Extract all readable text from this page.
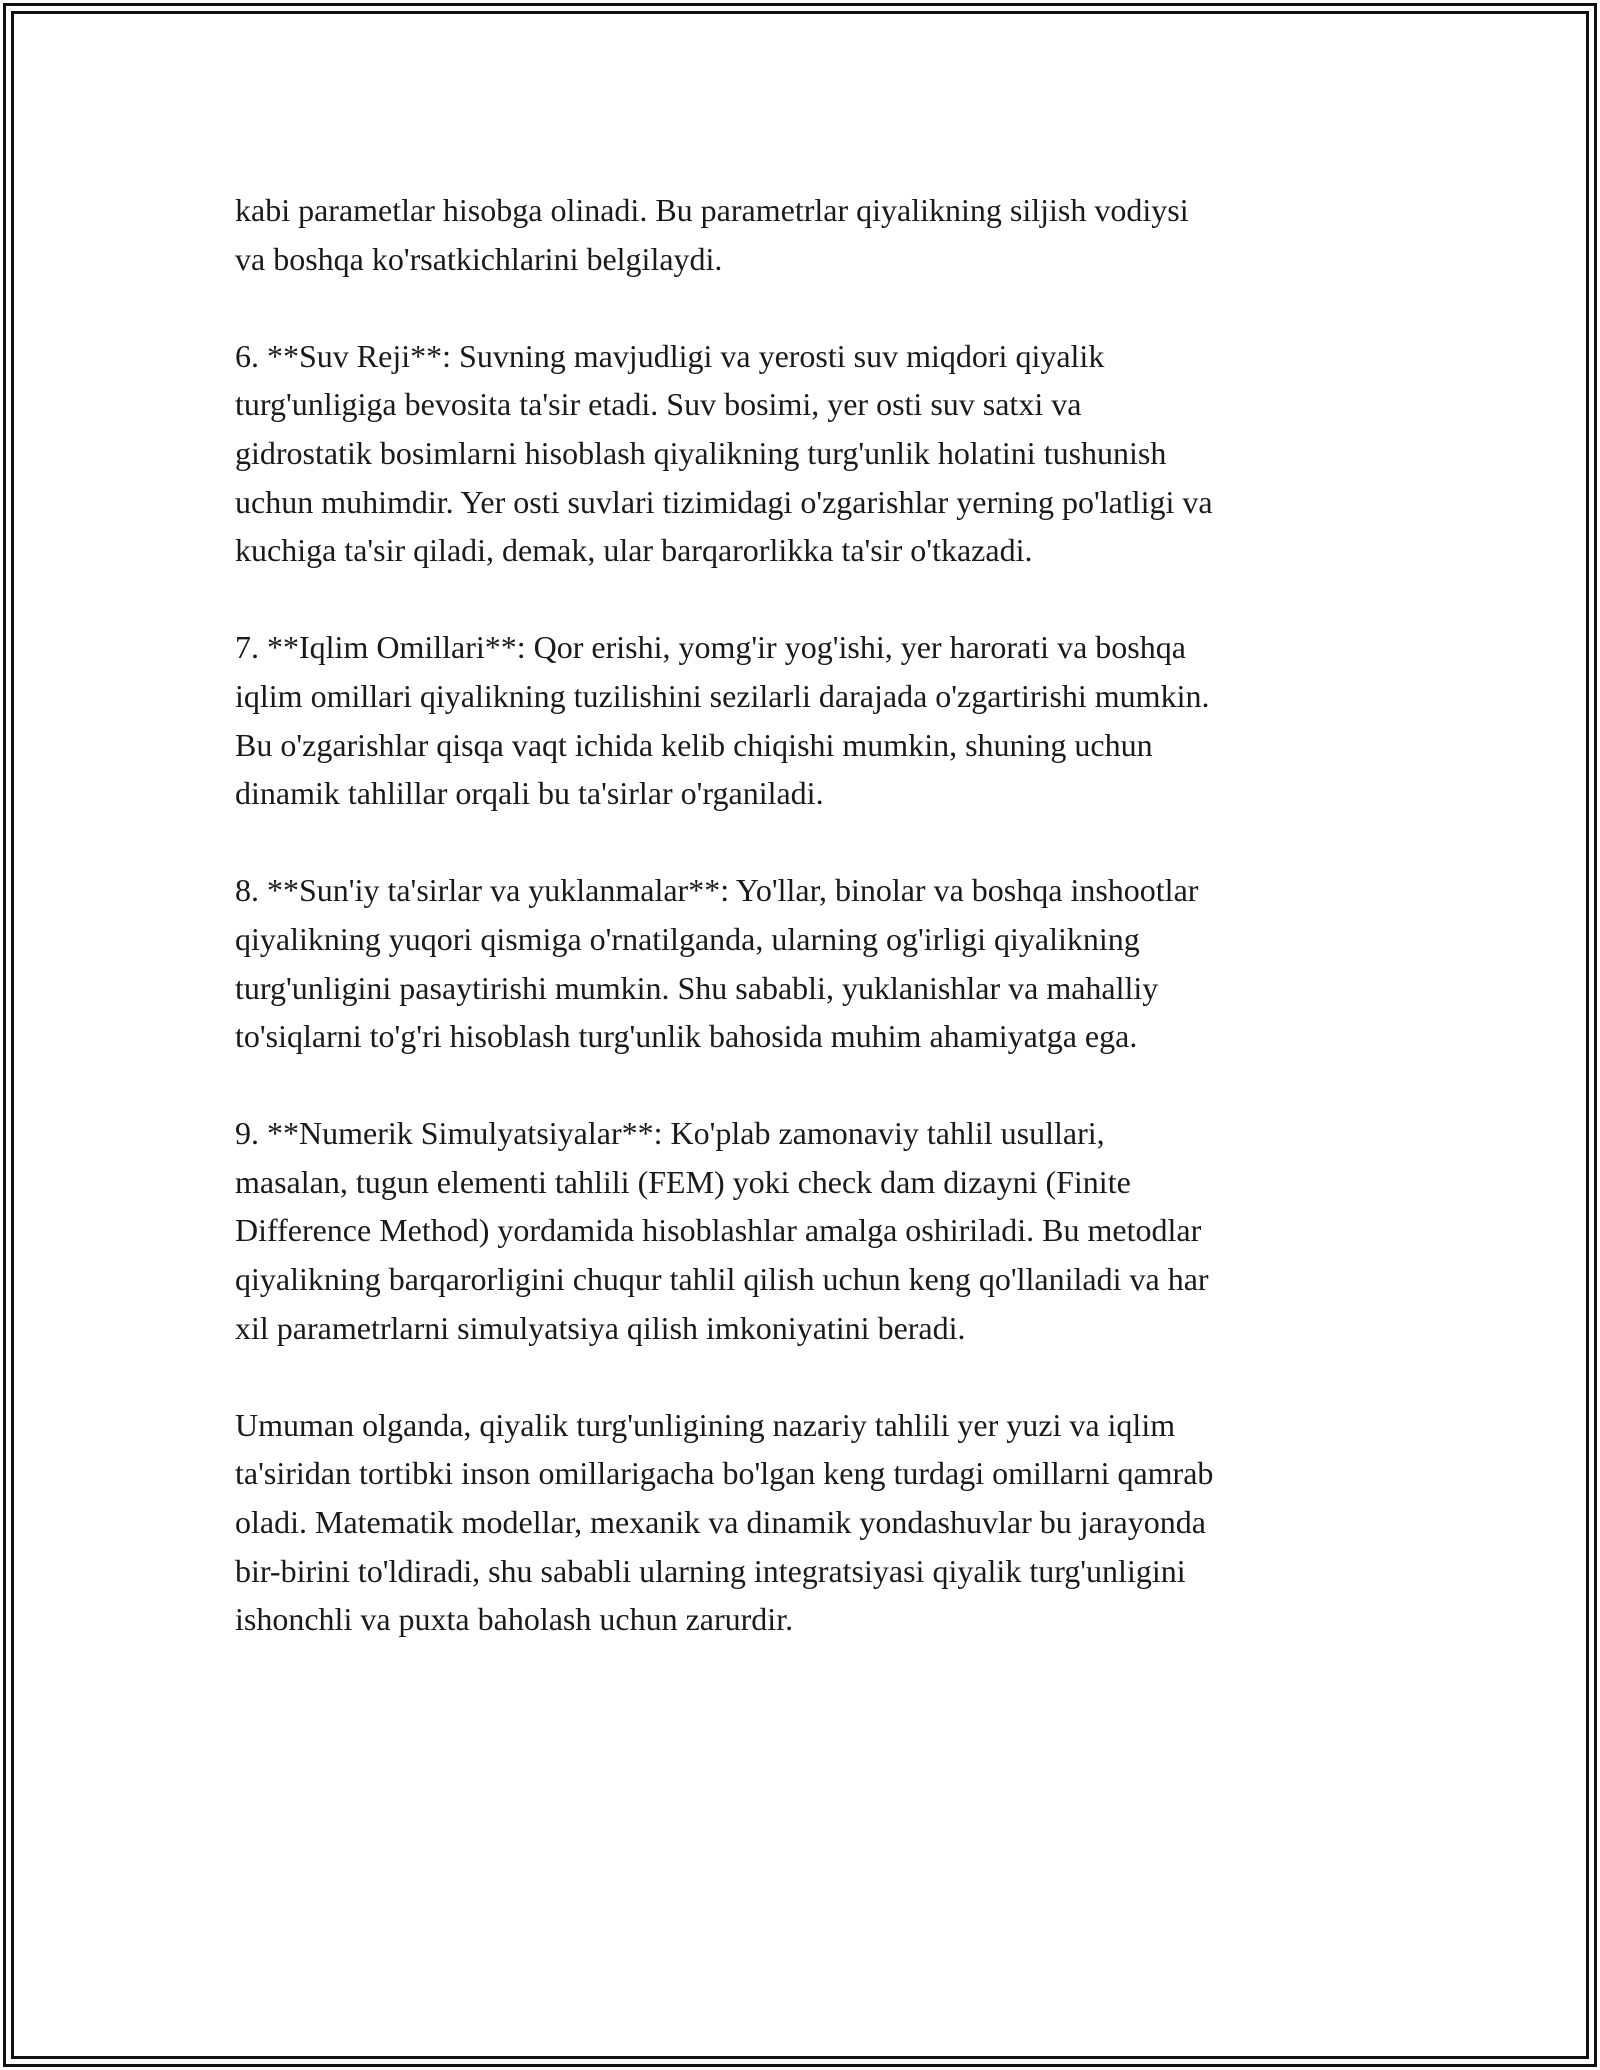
kabi parametlar hisobga olinadi. Bu parametrlar qiyalikning siljish vodiysi
va boshqa ko'rsatkichlarini belgilaydi.
6. **Suv Reji**: Suvning mavjudligi va yerosti suv miqdori qiyalik
turg'unligiga bevosita ta'sir etadi. Suv bosimi, yer osti suv satxi va
gidrostatik bosimlarni hisoblash qiyalikning turg'unlik holatini tushunish
uchun muhimdir. Yer osti suvlari tizimidagi o'zgarishlar yerning po'latligi va
kuchiga ta'sir qiladi, demak, ular barqarorlikka ta'sir o'tkazadi.
7. **Iqlim Omillari**: Qor erishi, yomg'ir yog'ishi, yer harorati va boshqa
iqlim omillari qiyalikning tuzilishini sezilarli darajada o'zgartirishi mumkin.
Bu o'zgarishlar qisqa vaqt ichida kelib chiqishi mumkin, shuning uchun
dinamik tahlillar orqali bu ta'sirlar o'rganiladi.
8. **Sun'iy ta'sirlar va yuklanmalar**: Yo'llar, binolar va boshqa inshootlar
qiyalikning yuqori qismiga o'rnatilganda, ularning og'irligi qiyalikning
turg'unligini pasaytirishi mumkin. Shu sababli, yuklanishlar va mahalliy
to'siqlarni to'g'ri hisoblash turg'unlik bahosida muhim ahamiyatga ega.
9. **Numerik Simulyatsiyalar**: Ko'plab zamonaviy tahlil usullari,
masalan, tugun elementi tahlili (FEM) yoki check dam dizayni (Finite
Difference Method) yordamida hisoblashlar amalga oshiriladi. Bu metodlar
qiyalikning barqarorligini chuqur tahlil qilish uchun keng qo'llaniladi va har
xil parametrlarni simulyatsiya qilish imkoniyatini beradi.
Umuman olganda, qiyalik turg'unligining nazariy tahlili yer yuzi va iqlim
ta'siridan tortibki inson omillarigacha bo'lgan keng turdagi omillarni qamrab
oladi. Matematik modellar, mexanik va dinamik yondashuvlar bu jarayonda
bir-birini to'ldiradi, shu sababli ularning integratsiyasi qiyalik turg'unligini
ishonchli va puxta baholash uchun zarurdir.
